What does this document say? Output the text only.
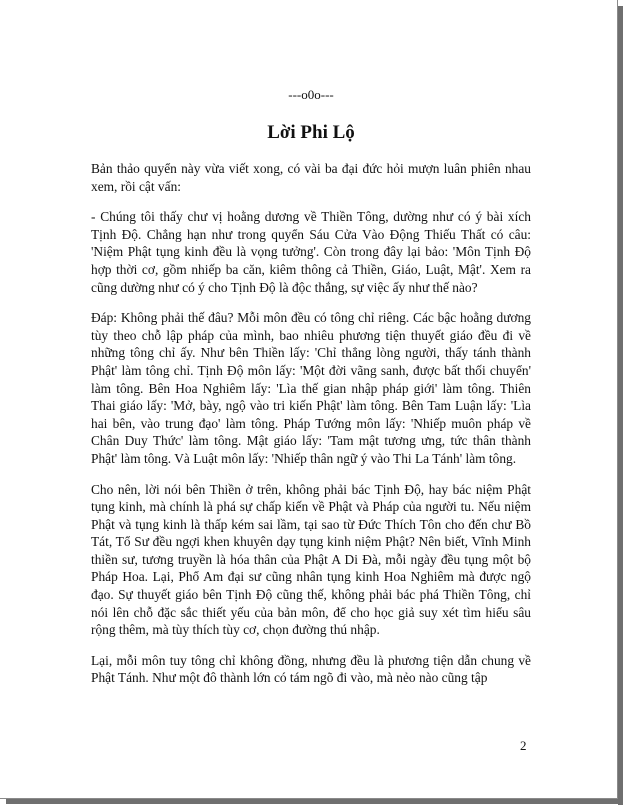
---o0o---
Lời Phi Lộ

Bản thảo quyển này vừa viết xong, có vài ba đại đức hỏi mượn luân phiên nhau xem, rồi cật vấn:

- Chúng tôi thấy chư vị hoằng dương về Thiền Tông, dường như có ý bài xích Tịnh Độ. Chẳng hạn như trong quyển Sáu Cửa Vào Động Thiếu Thất có câu: 'Niệm Phật tụng kinh đều là vọng tưởng'. Còn trong đây lại bảo: 'Môn Tịnh Độ hợp thời cơ, gồm nhiếp ba căn, kiêm thông cả Thiền, Giáo, Luật, Mật'. Xem ra cũng dường như có ý cho Tịnh Độ là độc thắng, sự việc ấy như thế nào?

Đáp: Không phải thế đâu? Mỗi môn đều có tông chỉ riêng. Các bậc hoằng dương tùy theo chỗ lập pháp của mình, bao nhiêu phương tiện thuyết giáo đều đi về những tông chỉ ấy. Như bên Thiền lấy: 'Chỉ thẳng lòng người, thấy tánh thành Phật' làm tông chỉ. Tịnh Độ môn lấy: 'Một đời vãng sanh, được bất thối chuyển' làm tông. Bên Hoa Nghiêm lấy: 'Lìa thế gian nhập pháp giới' làm tông. Thiên Thai giáo lấy: 'Mở, bày, ngộ vào tri kiến Phật' làm tông. Bên Tam Luận lấy: 'Lìa hai bên, vào trung đạo' làm tông. Pháp Tướng môn lấy: 'Nhiếp muôn pháp về Chân Duy Thức' làm tông. Mật giáo lấy: 'Tam mật tương ưng, tức thân thành Phật' làm tông. Và Luật môn lấy: 'Nhiếp thân ngữ ý vào Thi La Tánh' làm tông.

Cho nên, lời nói bên Thiền ở trên, không phải bác Tịnh Độ, hay bác niệm Phật tụng kinh, mà chính là phá sự chấp kiến về Phật và Pháp của người tu. Nếu niệm Phật và tụng kinh là thấp kém sai lầm, tại sao từ Đức Thích Tôn cho đến chư Bồ Tát, Tổ Sư đều ngợi khen khuyên dạy tụng kinh niệm Phật? Nên biết, Vĩnh Minh thiền sư, tương truyền là hóa thân của Phật A Di Đà, mỗi ngày đều tụng một bộ Pháp Hoa. Lại, Phổ Am đại sư cũng nhân tụng kinh Hoa Nghiêm mà được ngộ đạo. Sự thuyết giáo bên Tịnh Độ cũng thế, không phải bác phá Thiền Tông, chỉ nói lên chỗ đặc sắc thiết yếu của bản môn, để cho học giả suy xét tìm hiểu sâu rộng thêm, mà tùy thích tùy cơ, chọn đường thú nhập.

Lại, mỗi môn tuy tông chỉ không đồng, nhưng đều là phương tiện dẫn chung về Phật Tánh. Như một đô thành lớn có tám ngõ đi vào, mà nẻo nào cũng tập

2
